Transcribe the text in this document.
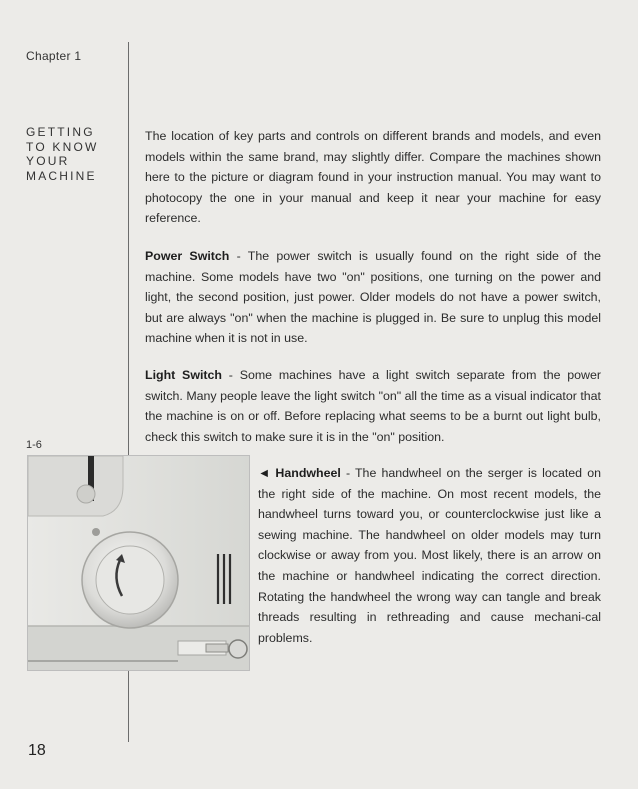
Chapter 1
GETTING
TO KNOW
YOUR
MACHINE

The location of key parts and controls on different brands and models, and even models within the same brand, may slightly differ. Compare the machines shown here to the picture or diagram found in your instruction manual. You may want to photocopy the one in your manual and keep it near your machine for easy reference.

Power Switch - The power switch is usually found on the right side of the machine. Some models have two "on" positions, one turning on the power and light, the second position, just power. Older models do not have a power switch, but are always "on" when the machine is plugged in. Be sure to unplug this model machine when it is not in use.

Light Switch - Some machines have a light switch separate from the power switch. Many people leave the light switch "on" all the time as a visual indicator that the machine is on or off. Before replacing what seems to be a burnt out light bulb, check this switch to make sure it is in the "on" position.

1-6

◄ Handwheel - The handwheel on the serger is located on the right side of the machine. On most recent models, the handwheel turns toward you, or counterclockwise just like a sewing machine. The handwheel on older models may turn clockwise or away from you. Most likely, there is an arrow on the machine or handwheel indicating the correct direction. Rotating the handwheel the wrong way can tangle and break threads resulting in rethreading and cause mechani-cal problems.

18
